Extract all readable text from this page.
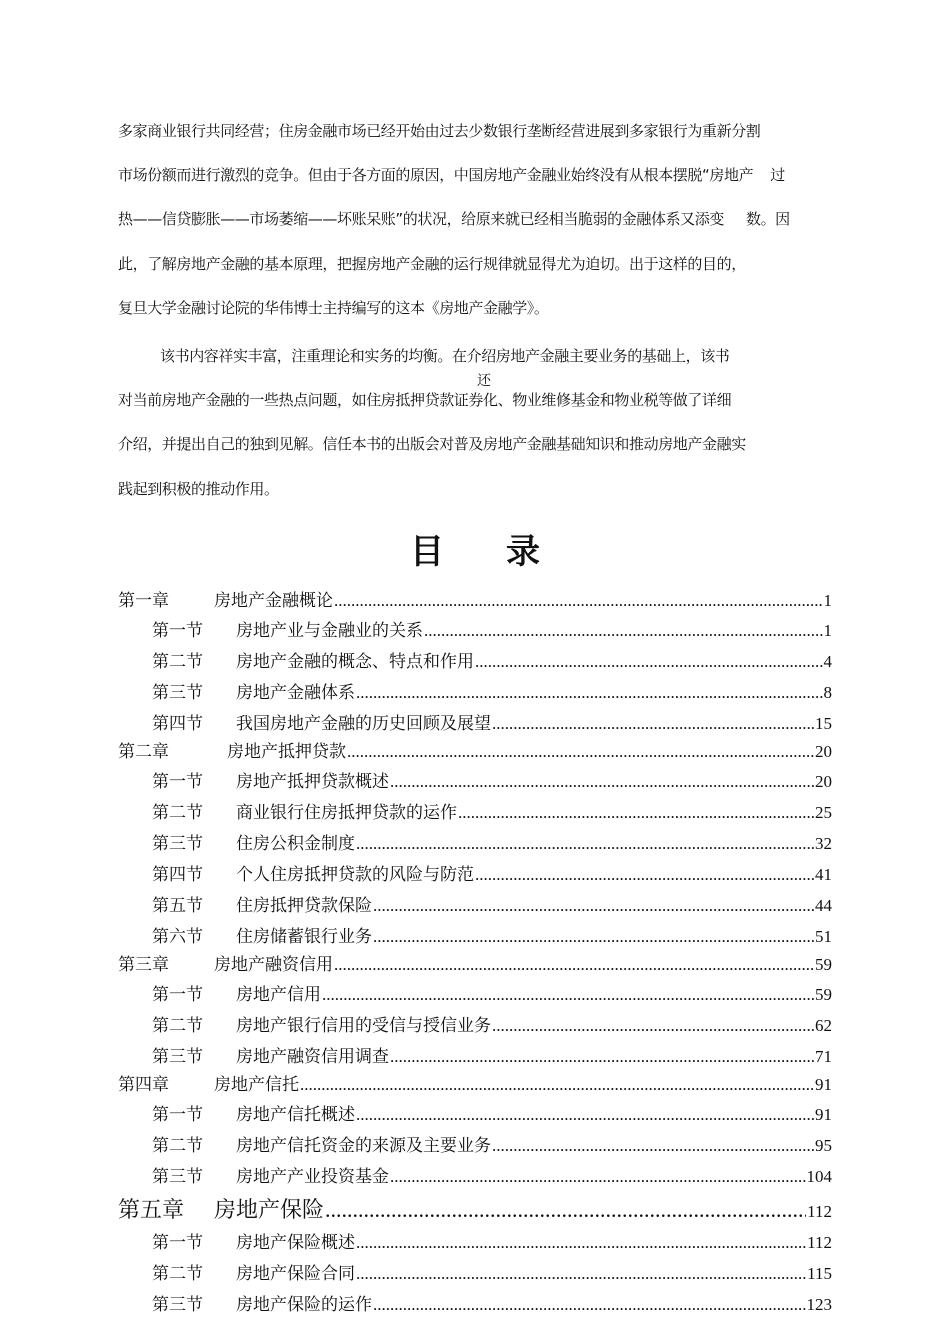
多家商业银行共同经营；住房金融市场已经开始由过去少数银行垄断经营进展到多家银行为重新分割
市场份额而进行激烈的竞争。但由于各方面的原因，中国房地产金融业始终没有从根本摆脱“房地产 过
热——信贷膨胀——市场萎缩——坏账呆账”的状况，给原来就已经相当脆弱的金融体系又添变 数。因
此，了解房地产金融的基本原理，把握房地产金融的运行规律就显得尤为迫切。出于这样的目的，
复旦大学金融讨论院的华伟博士主持编写的这本《房地产金融学》。
该书内容祥实丰富，注重理论和实务的均衡。在介绍房地产金融主要业务的基础上，该书
还
对当前房地产金融的一些热点问题，如住房抵押贷款证券化、物业维修基金和物业税等做了详细
介绍，并提出自己的独到见解。信任本书的出版会对普及房地产金融基础知识和推动房地产金融实
践起到积极的推动作用。
目录
第一章	房地产金融概论 .....	1
第一节 房地产业与金融业的关系 .....	1
第二节 房地产金融的概念、特点和作用 .....	4
第三节 房地产金融体系 .....	8
第四节 我国房地产金融的历史回顾及展望 .....	15
第二章	房地产抵押贷款 .....	20
第一节 房地产抵押贷款概述 .....	20
第二节 商业银行住房抵押贷款的运作 .....	25
第三节 住房公积金制度 .....	32
第四节 个人住房抵押贷款的风险与防范 .....	41
第五节 住房抵押贷款保险 .....	44
第六节 住房储蓄银行业务 .....	51
第三章	房地产融资信用 .....	59
第一节 房地产信用 .....	59
第二节 房地产银行信用的受信与授信业务 .....	62
第三节 房地产融资信用调查 .....	71
第四章	房地产信托 .....	91
第一节 房地产信托概述 .....	91
第二节 房地产信托资金的来源及主要业务 .....	95
第三节 房地产产业投资基金 .....	104
第五章 房地产保险 .....	112
第一节 房地产保险概述 .....	112
第二节 房地产保险合同 .....	115
第三节 房地产保险的运作 .....	123
